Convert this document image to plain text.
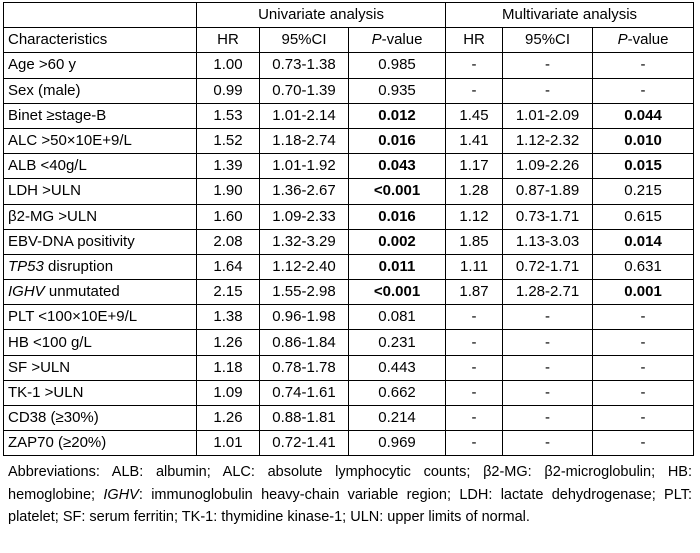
	Univariate analysis			Multivariate analysis		
Characteristics	HR	95%CI	P-value	HR	95%CI	P-value
Age >60 y	1.00	0.73-1.38	0.985	-	-	-
Sex (male)	0.99	0.70-1.39	0.935	-	-	-
Binet ≥stage-B	1.53	1.01-2.14	0.012	1.45	1.01-2.09	0.044
ALC >50×10E+9/L	1.52	1.18-2.74	0.016	1.41	1.12-2.32	0.010
ALB <40g/L	1.39	1.01-1.92	0.043	1.17	1.09-2.26	0.015
LDH >ULN	1.90	1.36-2.67	<0.001	1.28	0.87-1.89	0.215
β2-MG >ULN	1.60	1.09-2.33	0.016	1.12	0.73-1.71	0.615
EBV-DNA positivity	2.08	1.32-3.29	0.002	1.85	1.13-3.03	0.014
TP53 disruption	1.64	1.12-2.40	0.011	1.11	0.72-1.71	0.631
IGHV unmutated	2.15	1.55-2.98	<0.001	1.87	1.28-2.71	0.001
PLT <100×10E+9/L	1.38	0.96-1.98	0.081	-	-	-
HB <100 g/L	1.26	0.86-1.84	0.231	-	-	-
SF >ULN	1.18	0.78-1.78	0.443	-	-	-
TK-1 >ULN	1.09	0.74-1.61	0.662	-	-	-
CD38 (≥30%)	1.26	0.88-1.81	0.214	-	-	-
ZAP70 (≥20%)	1.01	0.72-1.41	0.969	-	-	-

Abbreviations: ALB: albumin; ALC: absolute lymphocytic counts; β2-MG: β2-microglobulin; HB: hemoglobine; IGHV: immunoglobulin heavy-chain variable region; LDH: lactate dehydrogenase; PLT: platelet; SF: serum ferritin; TK-1: thymidine kinase-1; ULN: upper limits of normal.
